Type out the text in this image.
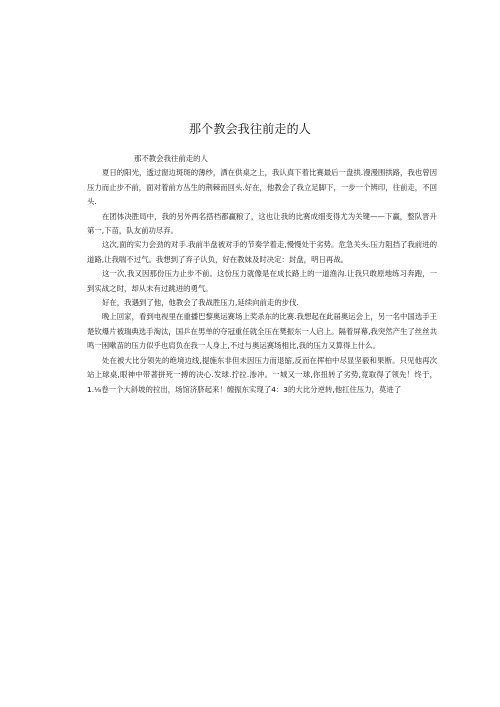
那个教会我往前走的人

那不教会我往前走的人

夏日的阳光，透过窗边斑斑的薄纱，洒在供桌之上，我认真下着比赛最后一盘拱.漫漫围拱路，我也曾因压力而止步不前，面对着前方丛生的荆棘而回头.好在，他教会了我立足脚下，一步一个辨印，往前走，不回头.

在团体决胜局中，我的另外两名搭档都赢粮了，这也让我的比赛成细变得尤为关键——下赢，整队晋升第一,下苗，队友前功尽弃。

这次,面的实力会劲的对手.我前半盘被对手的节奏学着走,慢慢处于劣势。危急关头.压力阻挡了我前进的道路,让我喘不过气。我想到了弃子认负，好在教妹及时决定：封盘，明日再战。

这一次,我又因那份压力止步不前。这份压力就像是在成长路上的一道渔沟.让我只敢原地练习奔跑，一到实战之时，却从未有过跳进的勇气。

好在，我遇到了他，他教会了我战胜压力,延续向前走的步伐.

晚上回家，看到电视里在重播巴黎奥运赛场上奖杀东的比赛.我想起在此届奥运会上，另一名中国选手王楚钦爆片被瑞典选手淘汰，国乒在男单的夺冠重任就全压在樊振东一人启上。隔着屏幕,我突然产生了丝丝共鸣一困嗽苗的压力似乎也肩负在我一人身上,不过与奥运赛场相比,我的压力又算得上什么。

处在被大比分领先的绝境边线,提施东非但未因压力而退缩,反而在挥柏中尽显坚毅和果断。只见他再次站上球桌,眼神中带著拼死一搏的决心.发球.拧拉.渗冲。一城又一球,你扭转了劣势,竟取得了领先！终于，1.⅛卷一个大斜坡的拉出，场馆济脐起来！缠振东实现了4：3的大比分逆转,他扛住压力，莫进了
